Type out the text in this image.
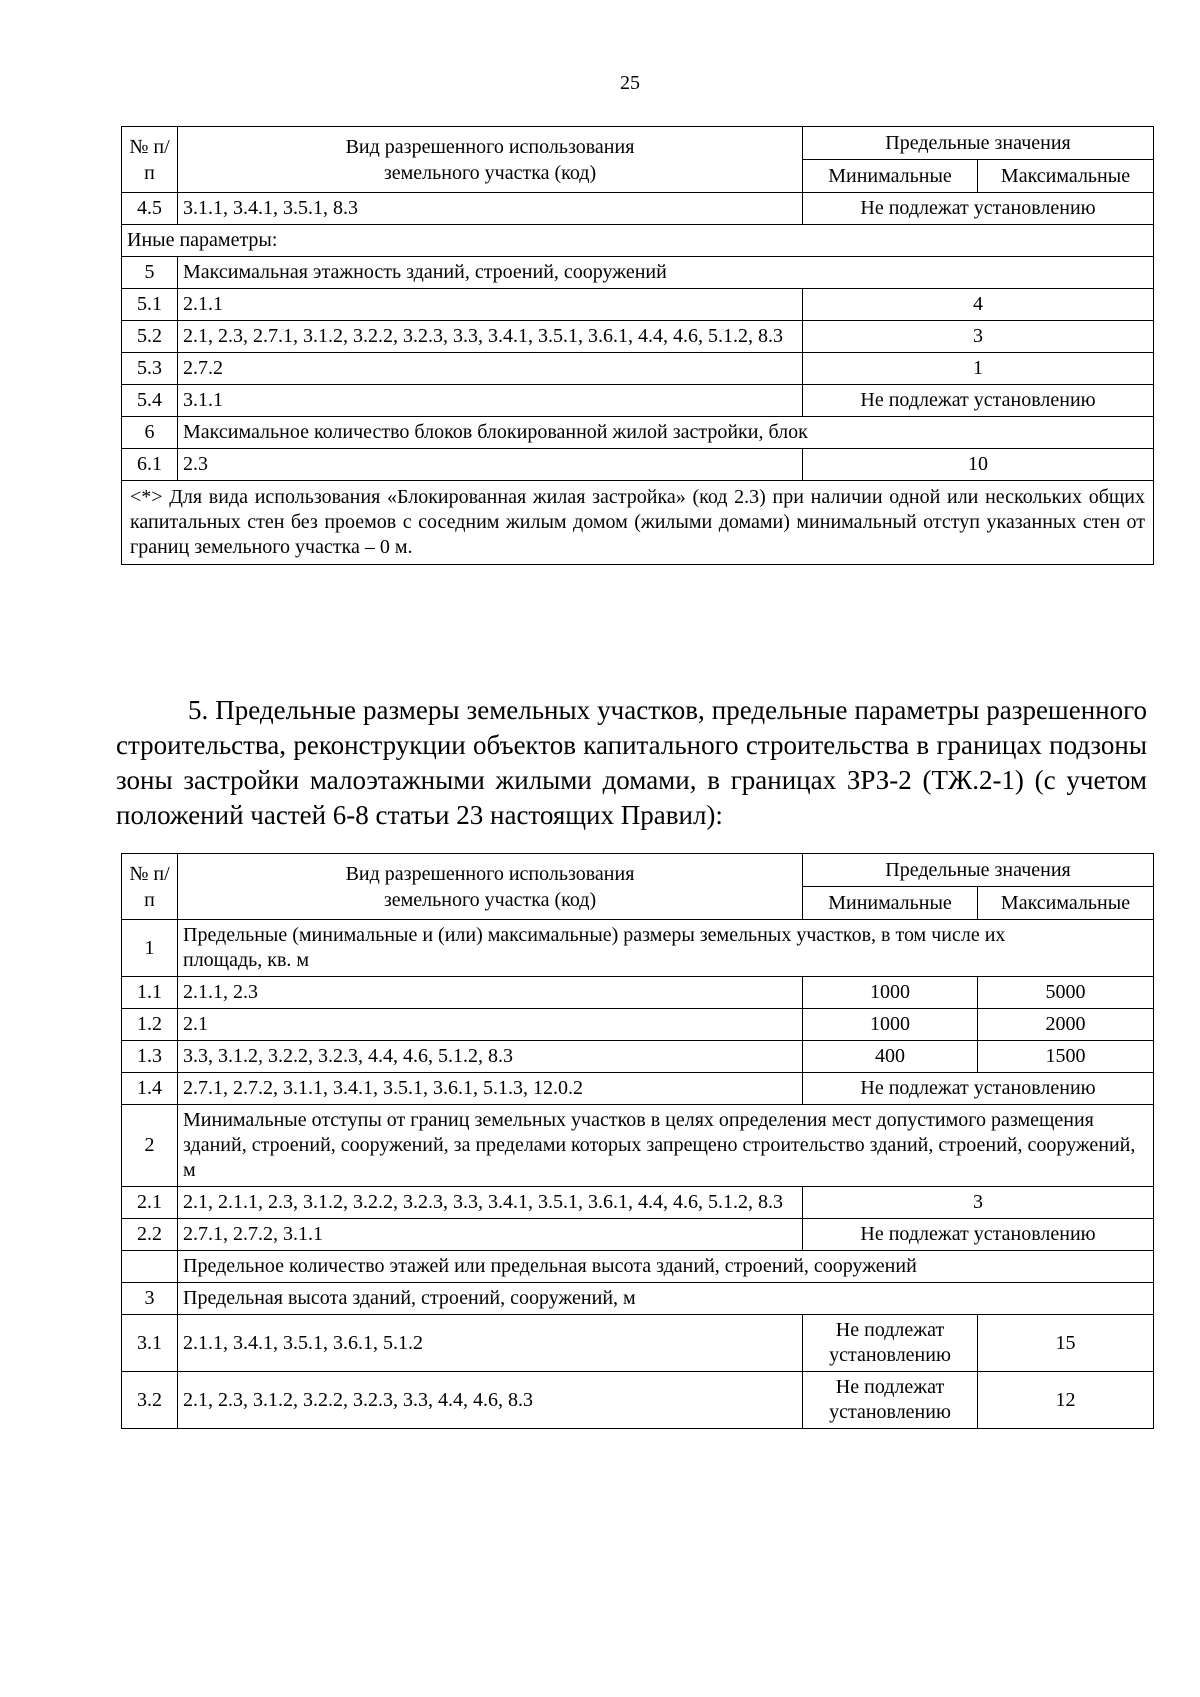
25
№ п/п	Вид разрешенного использования земельного участка (код)	Предельные значения	
		Минимальные	Максимальные
4.5	3.1.1, 3.4.1, 3.5.1, 8.3	Не подлежат установлению	
Иные параметры:			
5	Максимальная этажность зданий, строений, сооружений		
5.1	2.1.1	4	
5.2	2.1, 2.3, 2.7.1, 3.1.2, 3.2.2, 3.2.3, 3.3, 3.4.1, 3.5.1, 3.6.1, 4.4, 4.6, 5.1.2, 8.3	3	
5.3	2.7.2	1	
5.4	3.1.1	Не подлежат установлению	
6	Максимальное количество блоков блокированной жилой застройки, блок		
6.1	2.3	10	
<*> Для вида использования «Блокированная жилая застройка» (код 2.3) при наличии одной или нескольких общих капитальных стен без проемов с соседним жилым домом (жилыми домами) минимальный отступ указанных стен от границ земельного участка – 0 м.			
5. Предельные размеры земельных участков, предельные параметры разрешенного строительства, реконструкции объектов капитального строительства в границах подзоны зоны застройки малоэтажными жилыми домами, в границах ЗРЗ-2 (ТЖ.2-1) (с учетом положений частей 6-8 статьи 23 настоящих Правил):
№ п/п	Вид разрешенного использования земельного участка (код)	Предельные значения	
		Минимальные	Максимальные
1	Предельные (минимальные и (или) максимальные) размеры земельных участков, в том числе их площадь, кв. м		
1.1	2.1.1, 2.3	1000	5000
1.2	2.1	1000	2000
1.3	3.3, 3.1.2, 3.2.2, 3.2.3, 4.4, 4.6, 5.1.2, 8.3	400	1500
1.4	2.7.1, 2.7.2, 3.1.1, 3.4.1, 3.5.1, 3.6.1, 5.1.3, 12.0.2	Не подлежат установлению	
2	Минимальные отступы от границ земельных участков в целях определения мест допустимого размещения зданий, строений, сооружений, за пределами которых запрещено строительство зданий, строений, сооружений, м		
2.1	2.1, 2.1.1, 2.3, 3.1.2, 3.2.2, 3.2.3, 3.3, 3.4.1, 3.5.1, 3.6.1, 4.4, 4.6, 5.1.2, 8.3	3	
2.2	2.7.1, 2.7.2, 3.1.1	Не подлежат установлению	
	Предельное количество этажей или предельная высота зданий, строений, сооружений		
3	Предельная высота зданий, строений, сооружений, м		
3.1	2.1.1, 3.4.1, 3.5.1, 3.6.1, 5.1.2	Не подлежат установлению	15
3.2	2.1, 2.3, 3.1.2, 3.2.2, 3.2.3, 3.3, 4.4, 4.6, 8.3	Не подлежат установлению	12
